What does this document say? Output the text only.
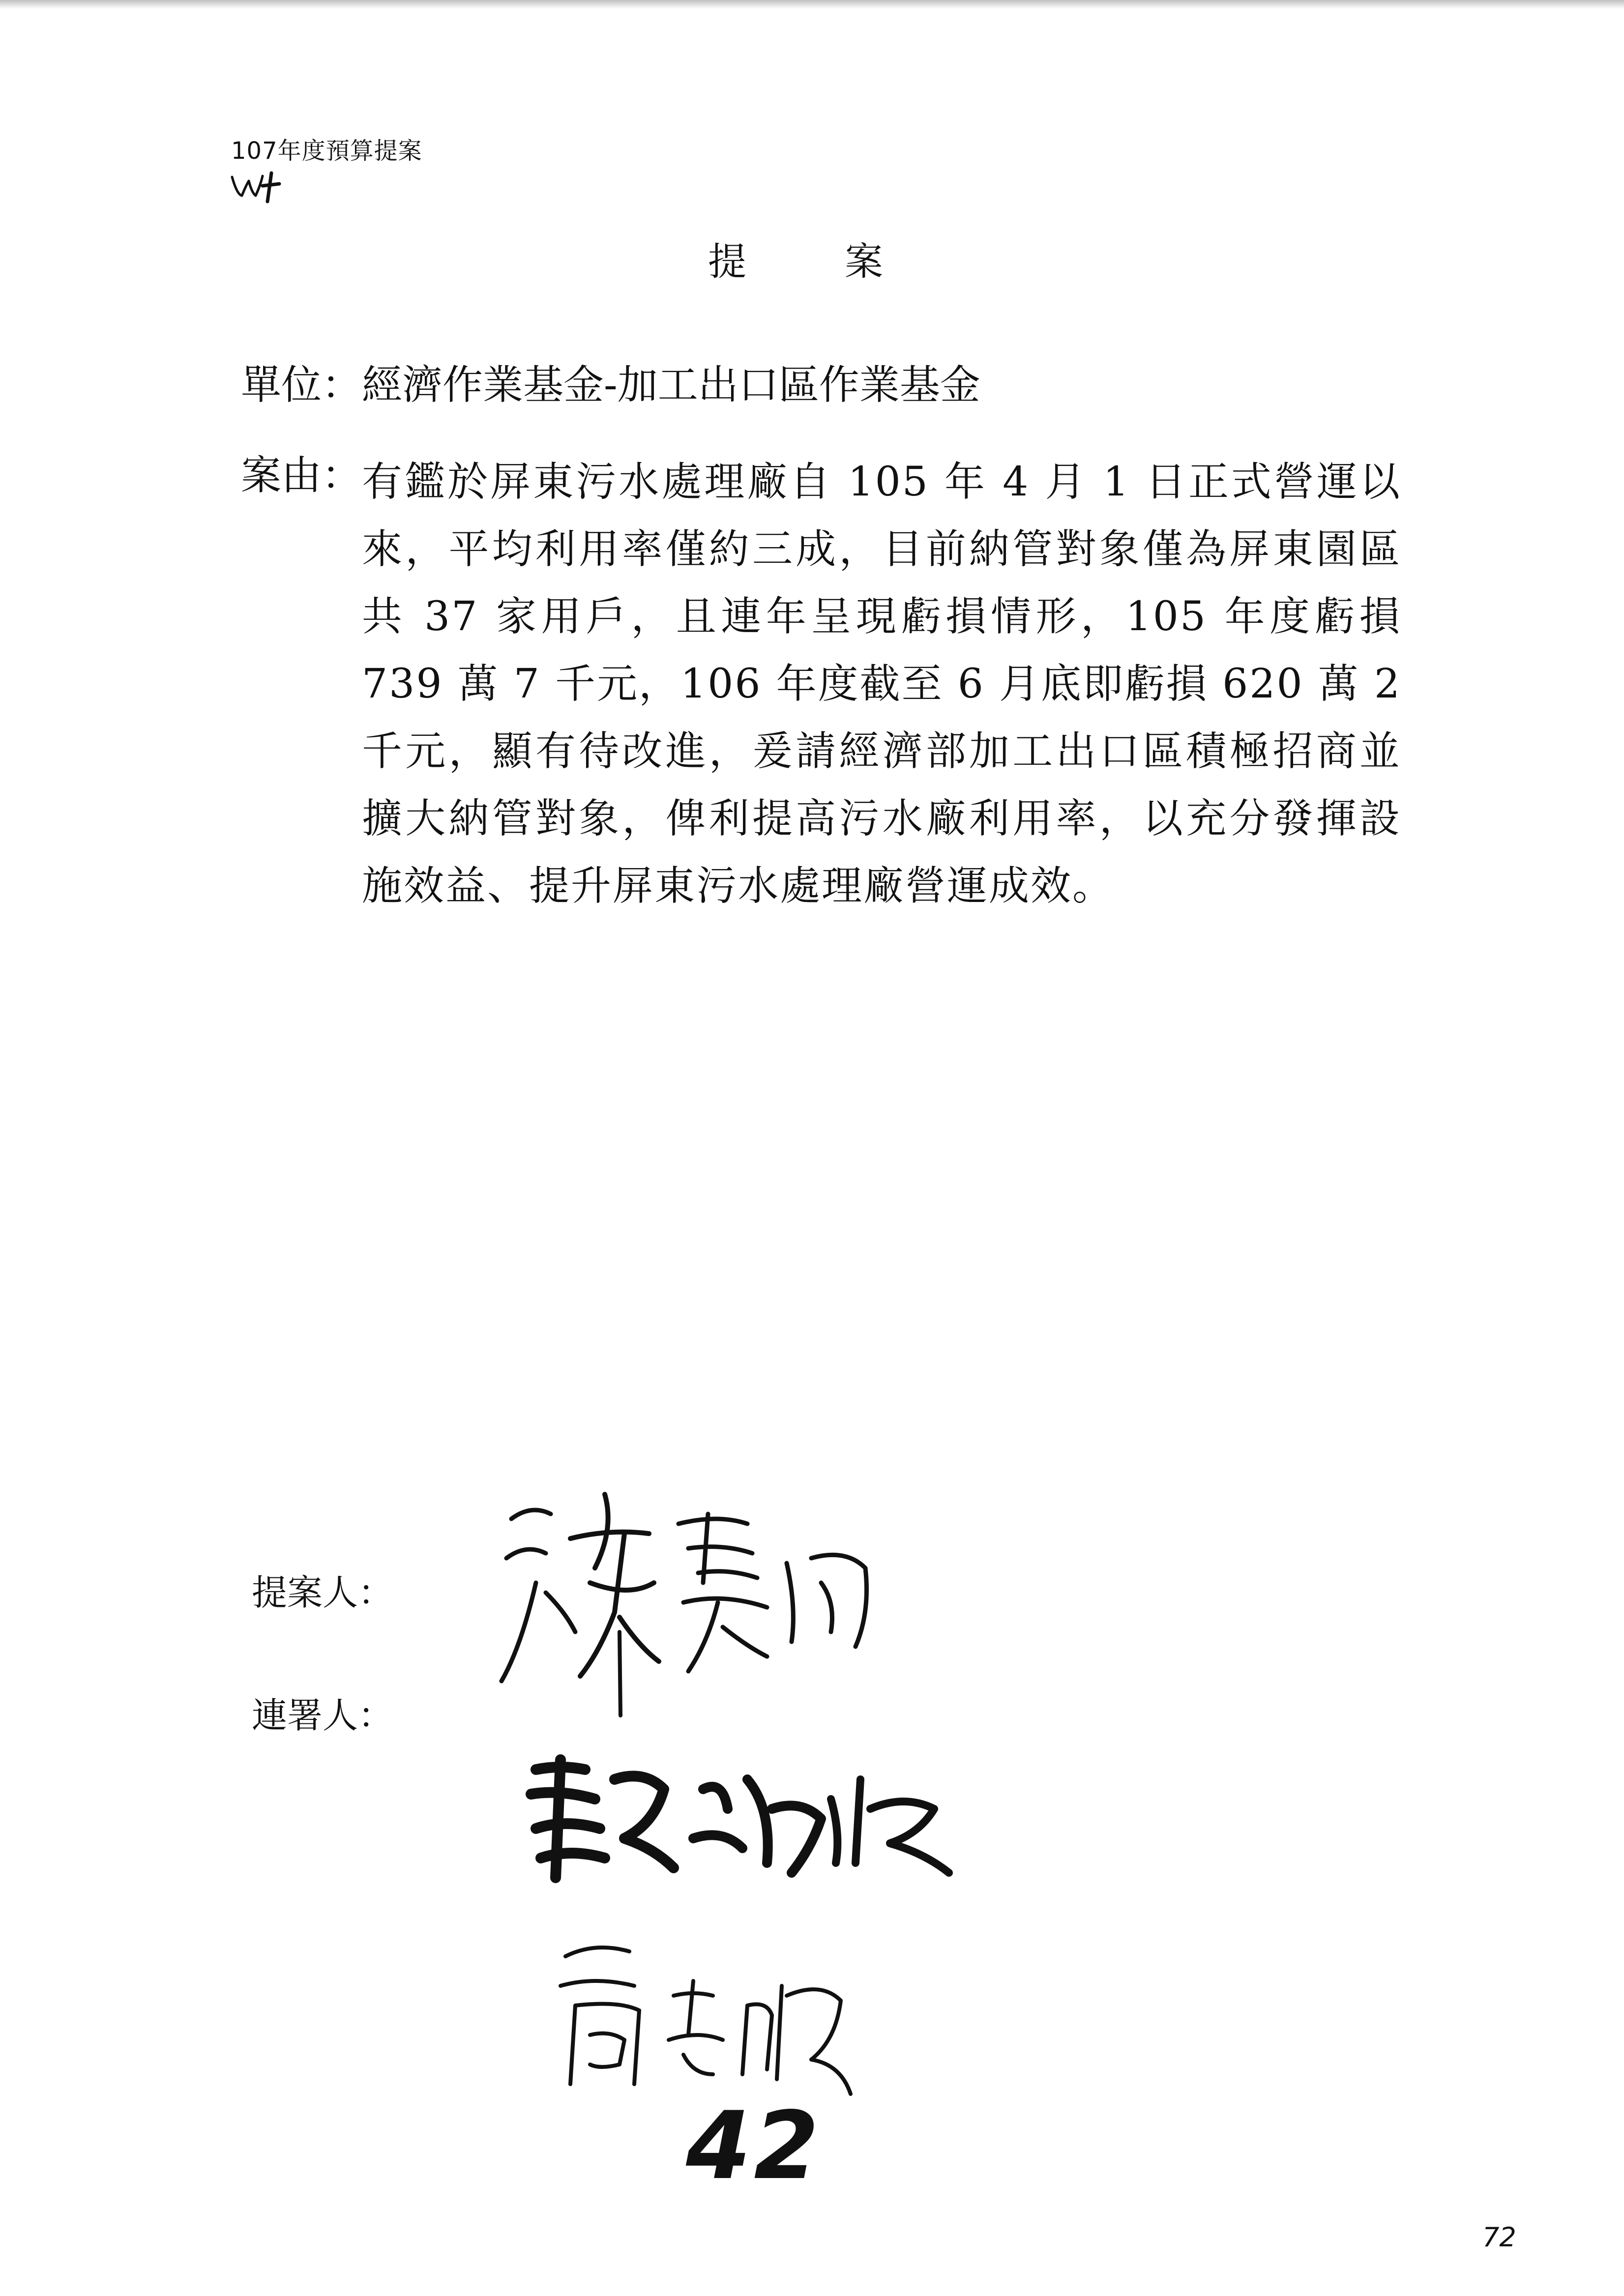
107年度預算提案
提案
單位：經濟作業基金-加工出口區作業基金
案由： 有鑑於屏東污水處理廠自 105 年 4 月 1 日正式營運以來，平均利用率僅約三成，目前納管對象僅為屏東園區共 37 家用戶，且連年呈現虧損情形，105 年度虧損 739 萬 7 千元，106 年度截至 6 月底即虧損 620 萬 2 千元，顯有待改進，爰請經濟部加工出口區積極招商並擴大納管對象，俾利提高污水廠利用率，以充分發揮設施效益、提升屏東污水處理廠營運成效。
提案人：
連署人：
42
72
